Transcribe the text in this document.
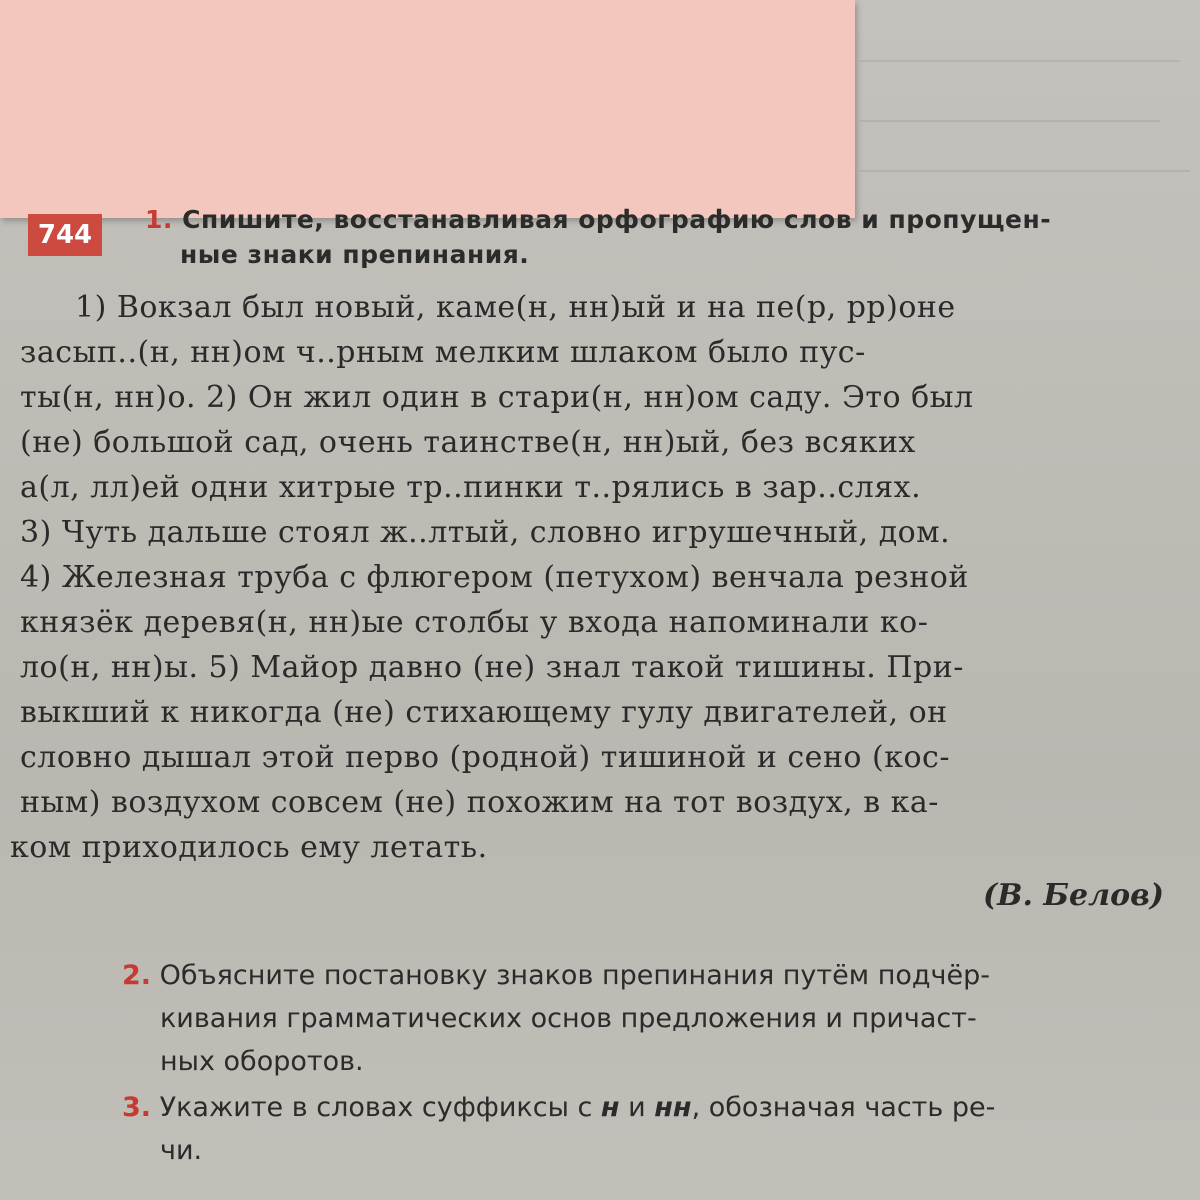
744
1. Спишите, восстанавливая орфографию слов и пропущен-
ные знаки препинания.
1) Вокзал был новый, каме(н, нн)ый и на пе(р, рр)оне
засып..(н, нн)ом ч..рным мелким шлаком было пус-
ты(н, нн)о. 2) Он жил один в стари(н, нн)ом саду. Это был
(не) большой сад, очень таинстве(н, нн)ый, без всяких
а(л, лл)ей одни хитрые тр..пинки т..рялись в зар..слях.
3) Чуть дальше стоял ж..лтый, словно игрушечный, дом.
4) Железная труба с флюгером (петухом) венчала резной
князёк деревя(н, нн)ые столбы у входа напоминали ко-
ло(н, нн)ы. 5) Майор давно (не) знал такой тишины. При-
выкший к никогда (не) стихающему гулу двигателей, он
словно дышал этой перво (родной) тишиной и сено (кос-
ным) воздухом совсем (не) похожим на тот воздух, в ка-
ком приходилось ему летать.
(В. Белов)
2. Объясните постановку знаков препинания путём подчёр-
кивания грамматических основ предложения и причаст-
ных оборотов.
3. Укажите в словах суффиксы с н и нн, обозначая часть ре-
чи.
